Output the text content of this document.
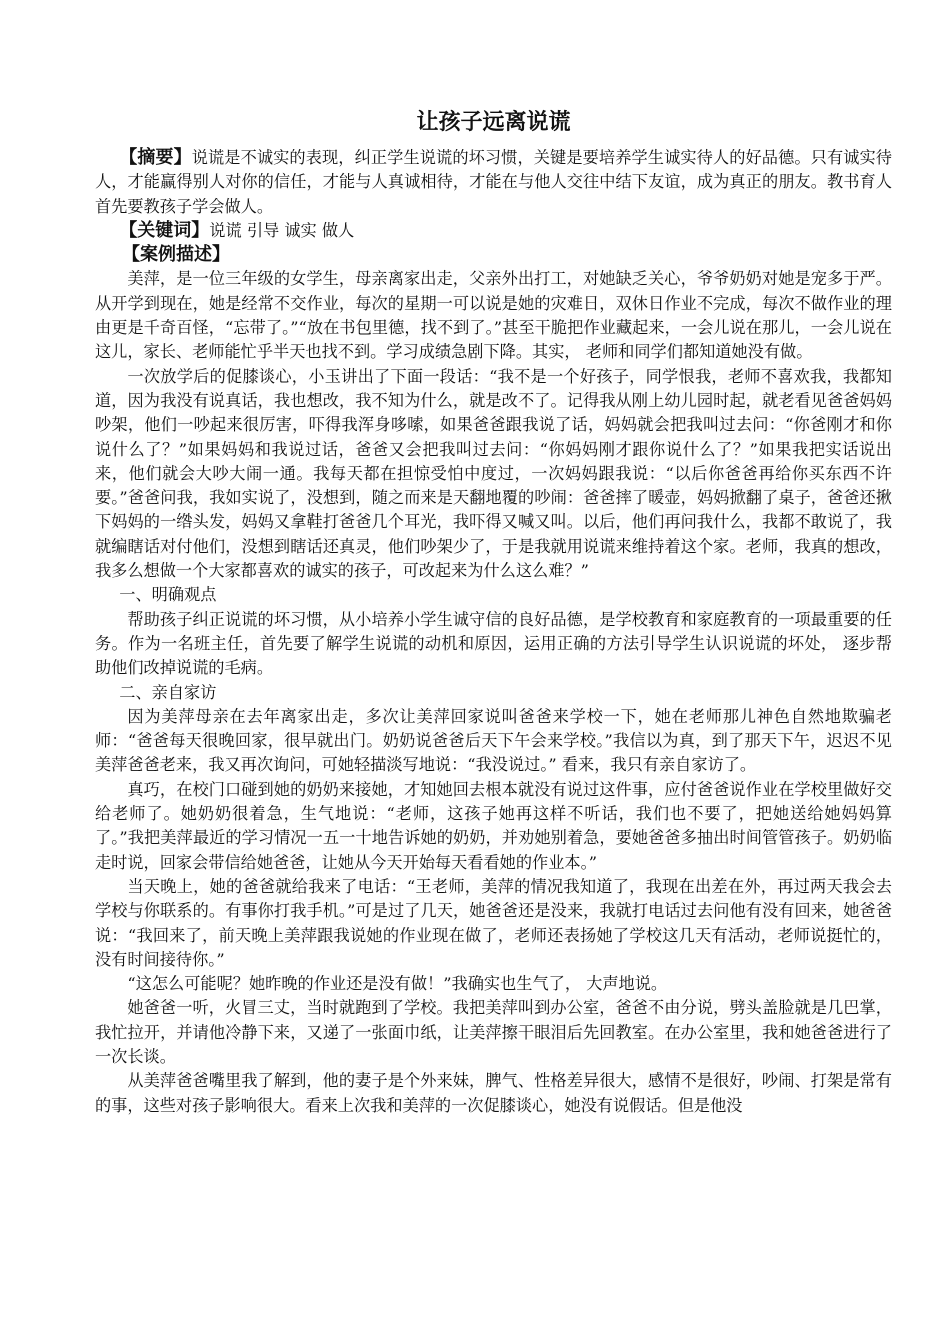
让孩子远离说谎

【摘要】说谎是不诚实的表现，纠正学生说谎的坏习惯，关键是要培养学生诚实待人的好品德。只有诚实待人，才能赢得别人对你的信任，才能与人真诚相待，才能在与他人交往中结下友谊，成为真正的朋友。教书育人首先要教孩子学会做人。

【关键词】说谎 引导 诚实 做人

【案例描述】

美萍，是一位三年级的女学生，母亲离家出走，父亲外出打工，对她缺乏关心，爷爷奶奶对她是宠多于严。从开学到现在，她是经常不交作业，每次的星期一可以说是她的灾难日，双休日作业不完成，每次不做作业的理由更是千奇百怪，“忘带了。”“放在书包里德，找不到了。”甚至干脆把作业藏起来，一会儿说在那儿，一会儿说在这儿，家长、老师能忙乎半天也找不到。学习成绩急剧下降。其实， 老师和同学们都知道她没有做。

一次放学后的促膝谈心，小玉讲出了下面一段话：“我不是一个好孩子，同学恨我，老师不喜欢我，我都知道，因为我没有说真话，我也想改，我不知为什么，就是改不了。记得我从刚上幼儿园时起，就老看见爸爸妈妈吵架，他们一吵起来很厉害，吓得我浑身哆嗦，如果爸爸跟我说了话，妈妈就会把我叫过去问：“你爸刚才和你说什么了？”如果妈妈和我说过话，爸爸又会把我叫过去问：“你妈妈刚才跟你说什么了？”如果我把实话说出来，他们就会大吵大闹一通。我每天都在担惊受怕中度过，一次妈妈跟我说：“以后你爸爸再给你买东西不许要。”爸爸问我，我如实说了，没想到，随之而来是天翻地覆的吵闹：爸爸摔了暖壶，妈妈掀翻了桌子，爸爸还揪下妈妈的一绺头发，妈妈又拿鞋打爸爸几个耳光，我吓得又喊又叫。以后，他们再问我什么，我都不敢说了，我就编瞎话对付他们，没想到瞎话还真灵，他们吵架少了，于是我就用说谎来维持着这个家。老师，我真的想改，我多么想做一个大家都喜欢的诚实的孩子，可改起来为什么这么难？”

一、明确观点

帮助孩子纠正说谎的坏习惯，从小培养小学生诚守信的良好品德，是学校教育和家庭教育的一项最重要的任务。作为一名班主任，首先要了解学生说谎的动机和原因，运用正确的方法引导学生认识说谎的坏处， 逐步帮助他们改掉说谎的毛病。

二、亲自家访

因为美萍母亲在去年离家出走，多次让美萍回家说叫爸爸来学校一下，她在老师那儿神色自然地欺骗老师：“爸爸每天很晚回家，很早就出门。奶奶说爸爸后天下午会来学校。”我信以为真，到了那天下午，迟迟不见美萍爸爸老来，我又再次询问，可她轻描淡写地说：“我没说过。” 看来，我只有亲自家访了。

真巧，在校门口碰到她的奶奶来接她，才知她回去根本就没有说过这件事，应付爸爸说作业在学校里做好交给老师了。她奶奶很着急，生气地说：“老师，这孩子她再这样不听话，我们也不要了，把她送给她妈妈算了。”我把美萍最近的学习情况一五一十地告诉她的奶奶，并劝她别着急，要她爸爸多抽出时间管管孩子。奶奶临走时说，回家会带信给她爸爸，让她从今天开始每天看看她的作业本。”

当天晚上，她的爸爸就给我来了电话：“王老师，美萍的情况我知道了，我现在出差在外，再过两天我会去学校与你联系的。有事你打我手机。”可是过了几天，她爸爸还是没来，我就打电话过去问他有没有回来，她爸爸说：“我回来了，前天晚上美萍跟我说她的作业现在做了，老师还表扬她了学校这几天有活动，老师说挺忙的，没有时间接待你。”

“这怎么可能呢？她昨晚的作业还是没有做！”我确实也生气了， 大声地说。

她爸爸一听，火冒三丈，当时就跑到了学校。我把美萍叫到办公室，爸爸不由分说，劈头盖脸就是几巴掌，我忙拉开，并请他冷静下来，又递了一张面巾纸，让美萍擦干眼泪后先回教室。在办公室里，我和她爸爸进行了一次长谈。

从美萍爸爸嘴里我了解到，他的妻子是个外来妹，脾气、性格差异很大，感情不是很好，吵闹、打架是常有的事，这些对孩子影响很大。看来上次我和美萍的一次促膝谈心，她没有说假话。但是他没
